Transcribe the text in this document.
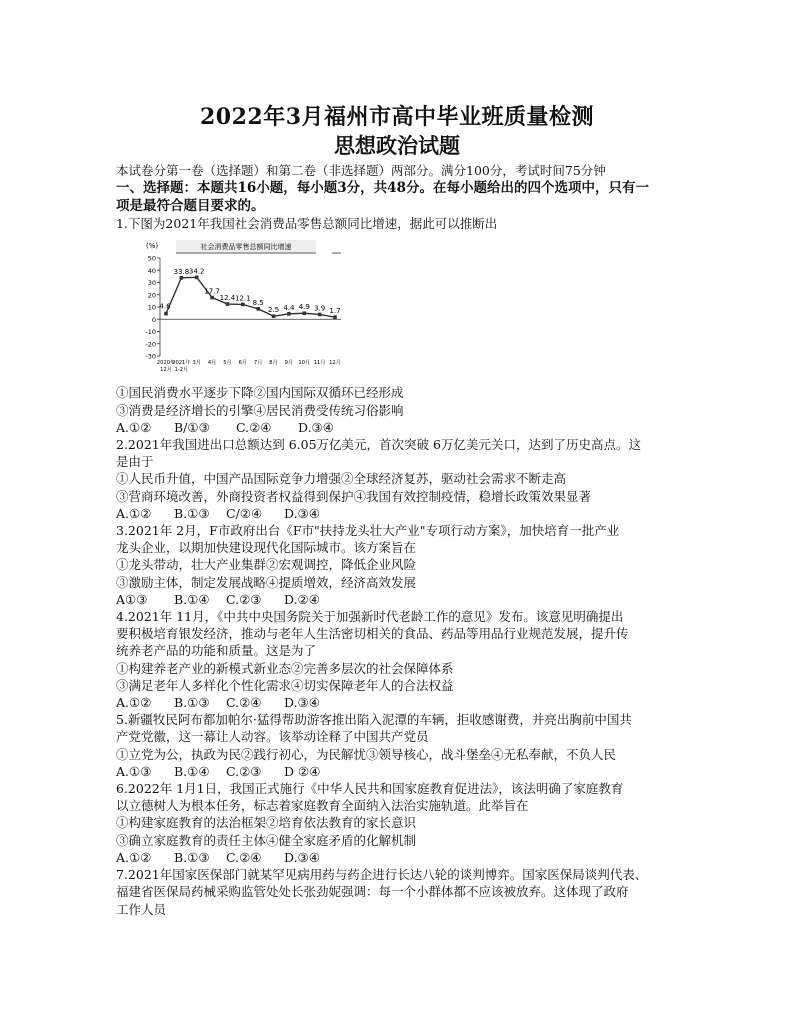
2022年3月福州市高中毕业班质量检测
思想政治试题

本试卷分第一卷（选择题）和第二卷（非选择题）两部分。满分100分，考试时间75分钟

一、选择题：本题共16小题，每小题3分，共48分。在每小题给出的四个选项中，只有一

项是最符合题目要求的。

1.下图为2021年我国社会消费品零售总额同比增速，据此可以推断出

社会消费品零售总额同比增速
(%)
50
40
30
20
10
0
-10
-20
-30
2020年
2021年 3月 4月 5月 6月 7月 8月 9月 10月 11月 12月
12月 1-2月
4.6
33.8 34.2
17.7
12.4 12.1
8.5
2.5 4.4 4.9 3.9 1.7

①国民消费水平逐步下降②国内国际双循环已经形成

③消费是经济增长的引擎④居民消费受传统习俗影响

A.①② B/①③ C.②④ D.③④

2.2021年我国进出口总额达到 6.05万亿美元，首次突破 6万亿美元关口，达到了历史高点。这

是由于

①人民币升值，中国产品国际竞争力增强②全球经济复苏，驱动社会需求不断走高

③营商环境改善，外商投资者权益得到保护④我国有效控制疫情，稳增长政策效果显著

A.①② B.①③ C/②④ D.③④

3.2021年 2月，F市政府出台《F市"扶持龙头壮大产业"专项行动方案》，加快培育一批产业

龙头企业，以期加快建设现代化国际城市。该方案旨在

①龙头带动，壮大产业集群②宏观调控，降低企业风险

③激励主体，制定发展战略④提质增效，经济高效发展

A①③ B.①④ C.②③ D.②④

4.2021年 11月，《中共中央国务院关于加强新时代老龄工作的意见》发布。该意见明确提出

要积极培育银发经济，推动与老年人生活密切相关的食品、药品等用品行业规范发展，提升传

统养老产品的功能和质量。这是为了

①构建养老产业的新模式新业态②完善多层次的社会保障体系

③满足老年人多样化个性化需求④切实保障老年人的合法权益

A.①② B.①③ C.②④ D.③④

5.新疆牧民阿布都加帕尔·猛得帮助游客推出陷入泥潭的车辆，拒收感谢费，并亮出胸前中国共

产党党徽，这一幕让人动容。该举动诠释了中国共产党员

①立党为公，执政为民②践行初心，为民解忧③领导核心，战斗堡垒④无私奉献，不负人民

A.①③ B.①④ C.②③ D ②④

6.2022年 1月1日，我国正式施行《中华人民共和国家庭教育促进法》，该法明确了家庭教育

以立德树人为根本任务，标志着家庭教育全面纳入法治实施轨道。此举旨在

①构建家庭教育的法治框架②培育依法教育的家长意识

③确立家庭教育的责任主体④健全家庭矛盾的化解机制

A.①② B.①③ C.②④ D.③④

7.2021年国家医保部门就某罕见病用药与药企进行长达八轮的谈判博弈。国家医保局谈判代表、

福建省医保局药械采购监管处处长张劲妮强调：每一个小群体都不应该被放弃。这体现了政府

工作人员
